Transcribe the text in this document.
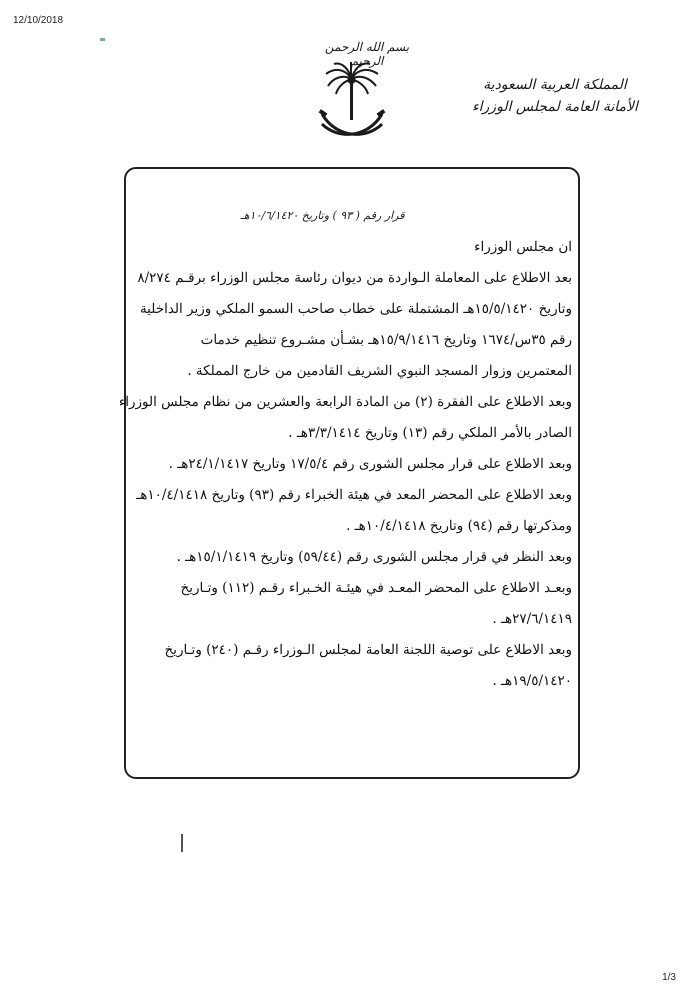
12/10/2018
بسم الله الرحمن الرحيم
المملكة العربية السعودية
الأمانة العامة لمجلس الوزراء
قرار رقم ( ٩٣ ) وتاريخ ١٠/٦/١٤٢٠هـ
ان مجلس الوزراء
بعد الاطلاع على المعاملة الـواردة من ديوان رئاسة مجلس الوزراء برقـم ٨/٢٧٤
وتاريخ ١٥/٥/١٤٢٠هـ المشتملة على خطاب صاحب السمو الملكي وزير الداخلية
رقم ٣٥س/١٦٧٤ وتاريخ ١٥/٩/١٤١٦هـ بشـأن مشـروع تنظيم خدمات
المعتمرين وزوار المسجد النبوي الشريف القادمين من خارج المملكة .
وبعد الاطلاع على الفقرة (٢) من المادة الرابعة والعشرين من نظام مجلس الوزراء
الصادر بالأمر الملكي رقم (١٣) وتاريخ ٣/٣/١٤١٤هـ .
وبعد الاطلاع على قرار مجلس الشورى رقم ١٧/٥/٤ وتاريخ ٢٤/١/١٤١٧هـ .
وبعد الاطلاع على المحضر المعد في هيئة الخبراء رقم (٩٣) وتاريخ ١٠/٤/١٤١٨هـ
ومذكرتها رقم (٩٤) وتاريخ ١٠/٤/١٤١٨هـ .
وبعد النظر في قرار مجلس الشورى رقم (٥٩/٤٤) وتاريخ ١٥/١/١٤١٩هـ .
وبعـد الاطلاع على المحضر المعـد في هيئـة الخـبراء رقـم (١١٢) وتـاريخ
٢٧/٦/١٤١٩هـ .
وبعد الاطلاع على توصية اللجنة العامة لمجلس الـوزراء رقـم (٢٤٠) وتـاريخ
١٩/٥/١٤٢٠هـ .
1/3
